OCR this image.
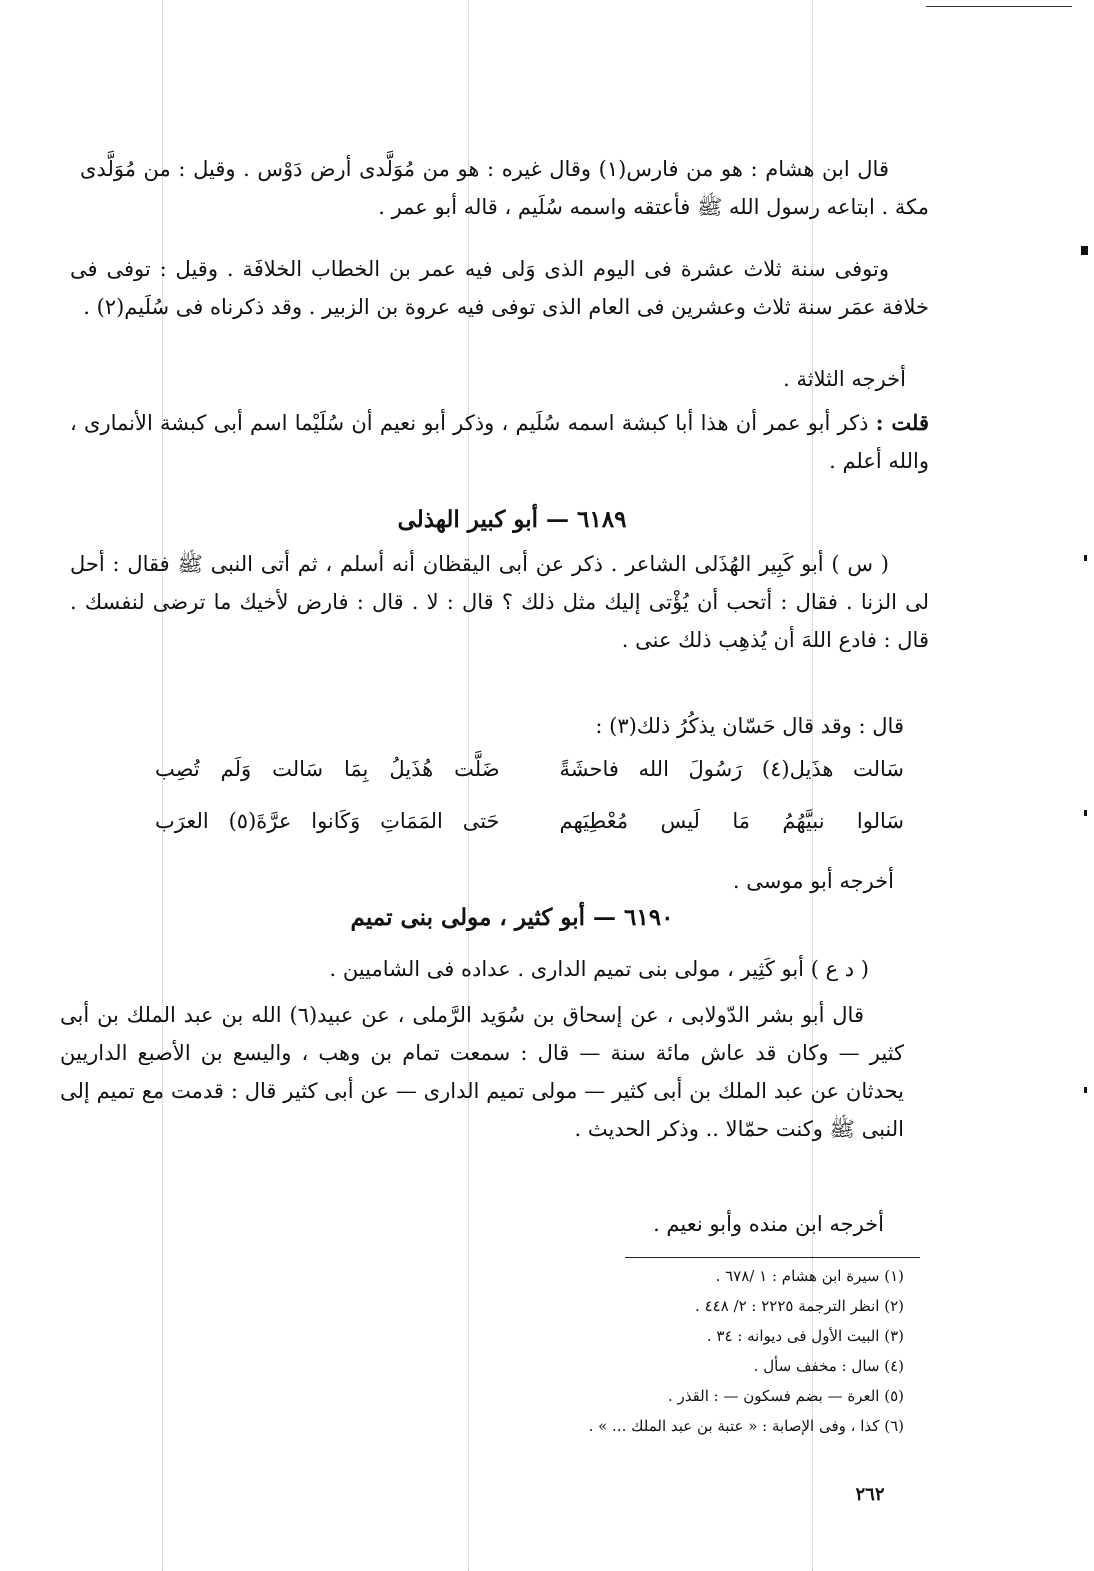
قال ابن هشام : هو من فارس(١) وقال غيره : هو من مُوَلَّدى أرض دَوْس . وقيل : من مُوَلَّدى مكة . ابتاعه رسول الله ﷺ فأعتقه واسمه سُلَيم ، قاله أبو عمر .
وتوفى سنة ثلاث عشرة فى اليوم الذى وَلى فيه عمر بن الخطاب الخلافَة . وقيل : توفى فى خلافة عمَر سنة ثلاث وعشرين فى العام الذى توفى فيه عروة بن الزبير . وقد ذكرناه فى سُلَيم(٢) .
أخرجه الثلاثة .
قلت : ذكر أبو عمر أن هذا أبا كبشة اسمه سُلَيم ، وذكر أبو نعيم أن سُلَيْما اسم أبى كبشة الأنمارى ، والله أعلم .
٦١٨٩ — أبو كبير الهذلى
( س ) أبو كَبِير الهُذَلى الشاعر . ذكر عن أبى اليقظان أنه أسلم ، ثم أتى النبى ﷺ فقال : أحل لى الزنا . فقال : أتحب أن يُؤْتى إليك مثل ذلك ؟ قال : لا . قال : فارض لأخيك ما ترضى لنفسك . قال : فادع اللهَ أن يُذهِب ذلك عنى .
قال : وقد قال حَسّان يذكُرُ ذلك(٣) :
سَالت هذَيل(٤) رَسُولَ الله فاحشَةً
ضَلَّت هُذَيلُ بِمَا سَالت وَلَم تُصِب
سَالوا نبيَّهُمُ مَا لَيس مُعْطِيَهم
حَتى المَمَاتِ وَكَانوا عرَّةَ(٥) العرَب
أخرجه أبو موسى .
٦١٩٠ — أبو كثير ، مولى بنى تميم
( د ع ) أبو كَثِير ، مولى بنى تميم الدارى . عداده فى الشاميين .
قال أبو بشر الدّولابى ، عن إسحاق بن سُوَيد الرَّملى ، عن عبيد(٦) الله بن عبد الملك بن أبى كثير — وكان قد عاش مائة سنة — قال : سمعت تمام بن وهب ، واليسع بن الأصبع الداريين يحدثان عن عبد الملك بن أبى كثير — مولى تميم الدارى — عن أبى كثير قال : قدمت مع تميم إلى النبى ﷺ وكنت حمّالا .. وذكر الحديث .
أخرجه ابن منده وأبو نعيم .
(١) سيرة ابن هشام : ١ /٦٧٨ .
(٢) انظر الترجمة ٢٢٢٥ : ٢/ ٤٤٨ .
(٣) البيت الأول فى ديوانه : ٣٤ .
(٤) سال : مخفف سأل .
(٥) العرة — بضم فسكون — : القذر .
(٦) كذا ، وفى الإصابة : « عتبة بن عبد الملك ... » .
٢٦٢
